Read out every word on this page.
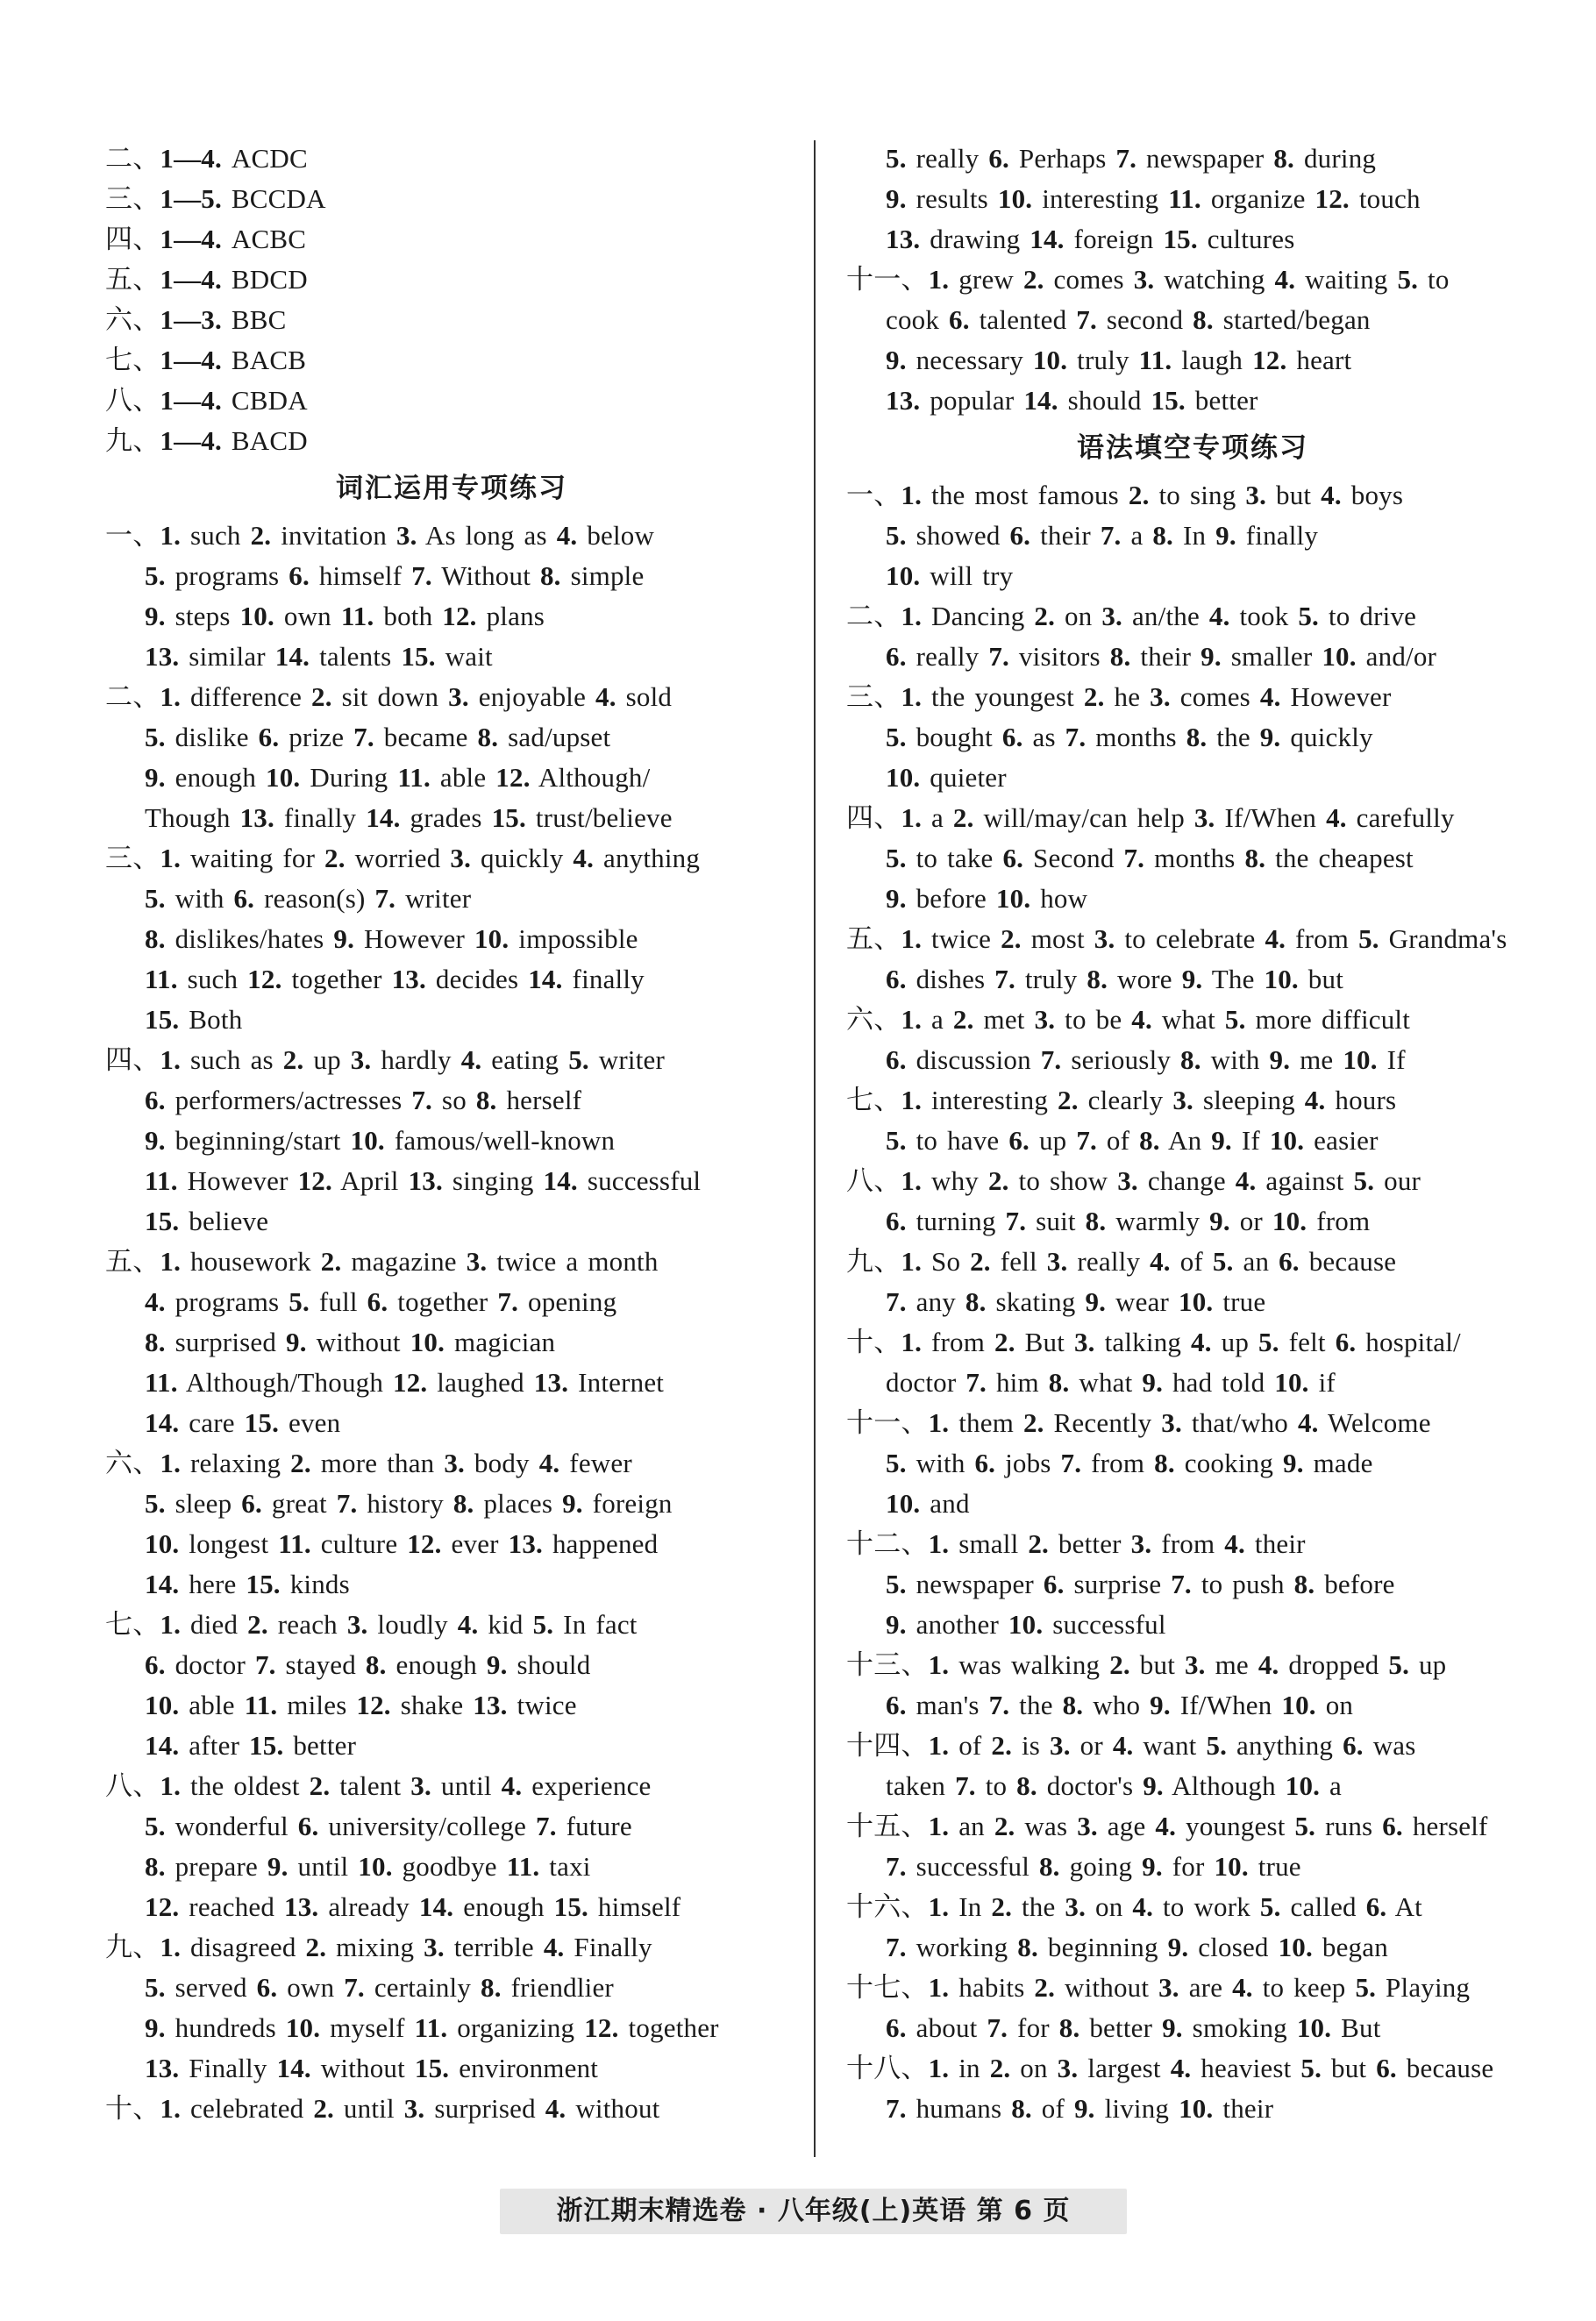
二、1—4. ACDC
三、1—5. BCCDA
四、1—4. ACBC
五、1—4. BDCD
六、1—3. BBC
七、1—4. BACB
八、1—4. CBDA
九、1—4. BACD
词汇运用专项练习
一、1. such 2. invitation 3. As long as 4. below
5. programs 6. himself 7. Without 8. simple
9. steps 10. own 11. both 12. plans
13. similar 14. talents 15. wait
二、1. difference 2. sit down 3. enjoyable 4. sold
5. dislike 6. prize 7. became 8. sad/upset
9. enough 10. During 11. able 12. Although/
Though 13. finally 14. grades 15. trust/believe
三、1. waiting for 2. worried 3. quickly 4. anything
5. with 6. reason(s) 7. writer
8. dislikes/hates 9. However 10. impossible
11. such 12. together 13. decides 14. finally
15. Both
四、1. such as 2. up 3. hardly 4. eating 5. writer
6. performers/actresses 7. so 8. herself
9. beginning/start 10. famous/well-known
11. However 12. April 13. singing 14. successful
15. believe
五、1. housework 2. magazine 3. twice a month
4. programs 5. full 6. together 7. opening
8. surprised 9. without 10. magician
11. Although/Though 12. laughed 13. Internet
14. care 15. even
六、1. relaxing 2. more than 3. body 4. fewer
5. sleep 6. great 7. history 8. places 9. foreign
10. longest 11. culture 12. ever 13. happened
14. here 15. kinds
七、1. died 2. reach 3. loudly 4. kid 5. In fact
6. doctor 7. stayed 8. enough 9. should
10. able 11. miles 12. shake 13. twice
14. after 15. better
八、1. the oldest 2. talent 3. until 4. experience
5. wonderful 6. university/college 7. future
8. prepare 9. until 10. goodbye 11. taxi
12. reached 13. already 14. enough 15. himself
九、1. disagreed 2. mixing 3. terrible 4. Finally
5. served 6. own 7. certainly 8. friendlier
9. hundreds 10. myself 11. organizing 12. together
13. Finally 14. without 15. environment
十、1. celebrated 2. until 3. surprised 4. without
5. really 6. Perhaps 7. newspaper 8. during
9. results 10. interesting 11. organize 12. touch
13. drawing 14. foreign 15. cultures
十一、1. grew 2. comes 3. watching 4. waiting 5. to
cook 6. talented 7. second 8. started/began
9. necessary 10. truly 11. laugh 12. heart
13. popular 14. should 15. better
语法填空专项练习
一、1. the most famous 2. to sing 3. but 4. boys
5. showed 6. their 7. a 8. In 9. finally
10. will try
二、1. Dancing 2. on 3. an/the 4. took 5. to drive
6. really 7. visitors 8. their 9. smaller 10. and/or
三、1. the youngest 2. he 3. comes 4. However
5. bought 6. as 7. months 8. the 9. quickly
10. quieter
四、1. a 2. will/may/can help 3. If/When 4. carefully
5. to take 6. Second 7. months 8. the cheapest
9. before 10. how
五、1. twice 2. most 3. to celebrate 4. from 5. Grandma's
6. dishes 7. truly 8. wore 9. The 10. but
六、1. a 2. met 3. to be 4. what 5. more difficult
6. discussion 7. seriously 8. with 9. me 10. If
七、1. interesting 2. clearly 3. sleeping 4. hours
5. to have 6. up 7. of 8. An 9. If 10. easier
八、1. why 2. to show 3. change 4. against 5. our
6. turning 7. suit 8. warmly 9. or 10. from
九、1. So 2. fell 3. really 4. of 5. an 6. because
7. any 8. skating 9. wear 10. true
十、1. from 2. But 3. talking 4. up 5. felt 6. hospital/
doctor 7. him 8. what 9. had told 10. if
十一、1. them 2. Recently 3. that/who 4. Welcome
5. with 6. jobs 7. from 8. cooking 9. made
10. and
十二、1. small 2. better 3. from 4. their
5. newspaper 6. surprise 7. to push 8. before
9. another 10. successful
十三、1. was walking 2. but 3. me 4. dropped 5. up
6. man's 7. the 8. who 9. If/When 10. on
十四、1. of 2. is 3. or 4. want 5. anything 6. was
taken 7. to 8. doctor's 9. Although 10. a
十五、1. an 2. was 3. age 4. youngest 5. runs 6. herself
7. successful 8. going 9. for 10. true
十六、1. In 2. the 3. on 4. to work 5. called 6. At
7. working 8. beginning 9. closed 10. began
十七、1. habits 2. without 3. are 4. to keep 5. Playing
6. about 7. for 8. better 9. smoking 10. But
十八、1. in 2. on 3. largest 4. heaviest 5. but 6. because
7. humans 8. of 9. living 10. their
浙江期末精选卷 · 八年级(上)英语 第 6 页
